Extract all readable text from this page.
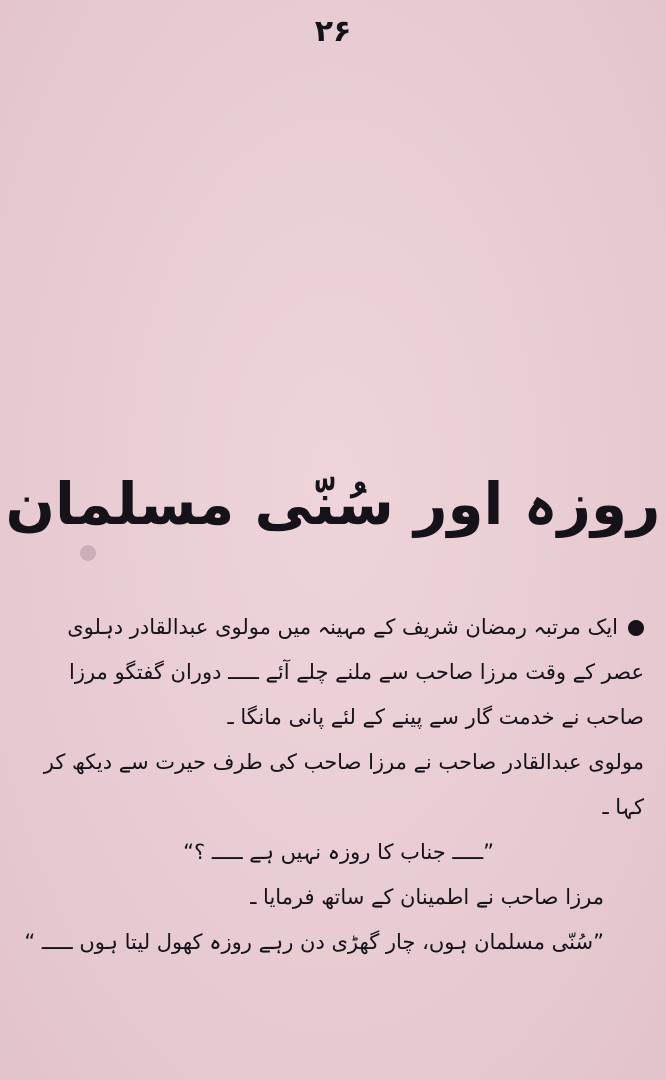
۲۶
روزہ اور سُنّی مسلمان

ایک مرتبہ رمضان شریف کے مہینہ میں مولوی عبدالقادر دہلوی عصر کے وقت مرزا صاحب سے ملنے چلے آئے ـــــ دوران گفتگو مرزا صاحب نے خدمت گار سے پینے کے لئے پانی مانگا ـ

مولوی عبدالقادر صاحب نے مرزا صاحب کی طرف حیرت سے دیکھ کر کہا ـ

”ـــــ جناب کا روزہ نہیں ہے ـــــ ؟“

مرزا صاحب نے اطمینان کے ساتھ فرمایا ـ

”سُنّی مسلمان ہوں، چار گھڑی دن رہے روزہ کھول لیتا ہوں ـــــ “
